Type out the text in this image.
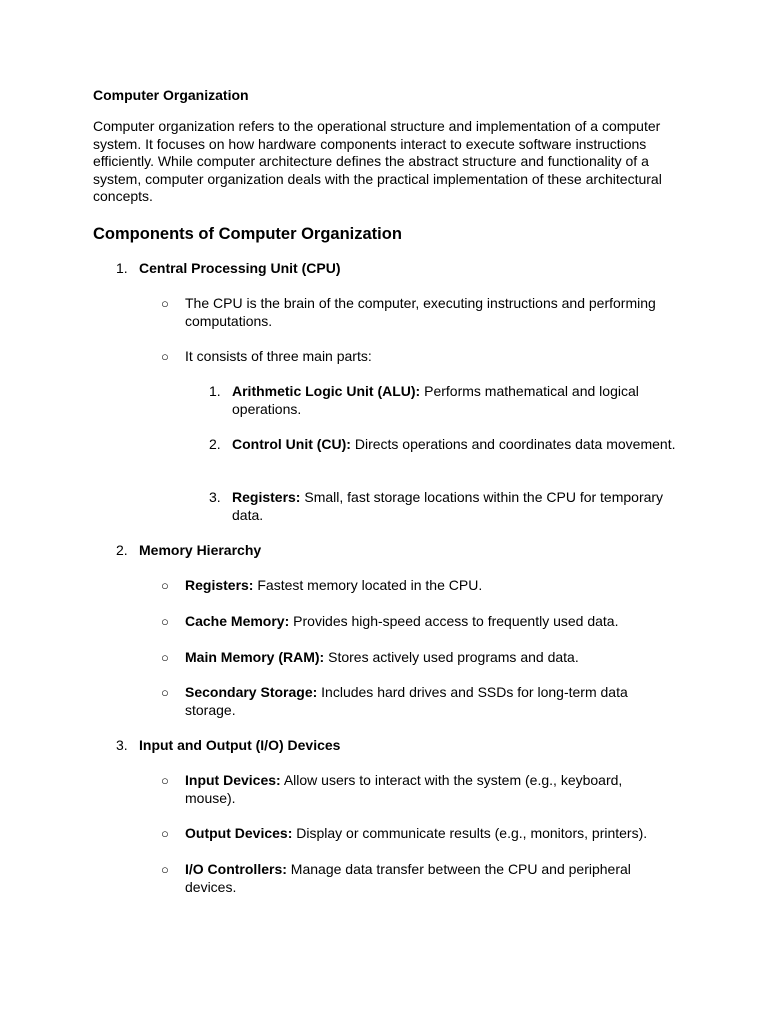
Computer Organization

Computer organization refers to the operational structure and implementation of a computer system. It focuses on how hardware components interact to execute software instructions efficiently. While computer architecture defines the abstract structure and functionality of a system, computer organization deals with the practical implementation of these architectural concepts.

Components of Computer Organization
1. Central Processing Unit (CPU)
○ The CPU is the brain of the computer, executing instructions and performing computations.

○ It consists of three main parts:

1. Arithmetic Logic Unit (ALU): Performs mathematical and logical operations.

2. Control Unit (CU): Directs operations and coordinates data movement.

3. Registers: Small, fast storage locations within the CPU for temporary data.

2. Memory Hierarchy
○ Registers: Fastest memory located in the CPU.

○ Cache Memory: Provides high-speed access to frequently used data.

○ Main Memory (RAM): Stores actively used programs and data.

○ Secondary Storage: Includes hard drives and SSDs for long-term data storage.

3. Input and Output (I/O) Devices
○ Input Devices: Allow users to interact with the system (e.g., keyboard, mouse).

○ Output Devices: Display or communicate results (e.g., monitors, printers).

○ I/O Controllers: Manage data transfer between the CPU and peripheral devices.
